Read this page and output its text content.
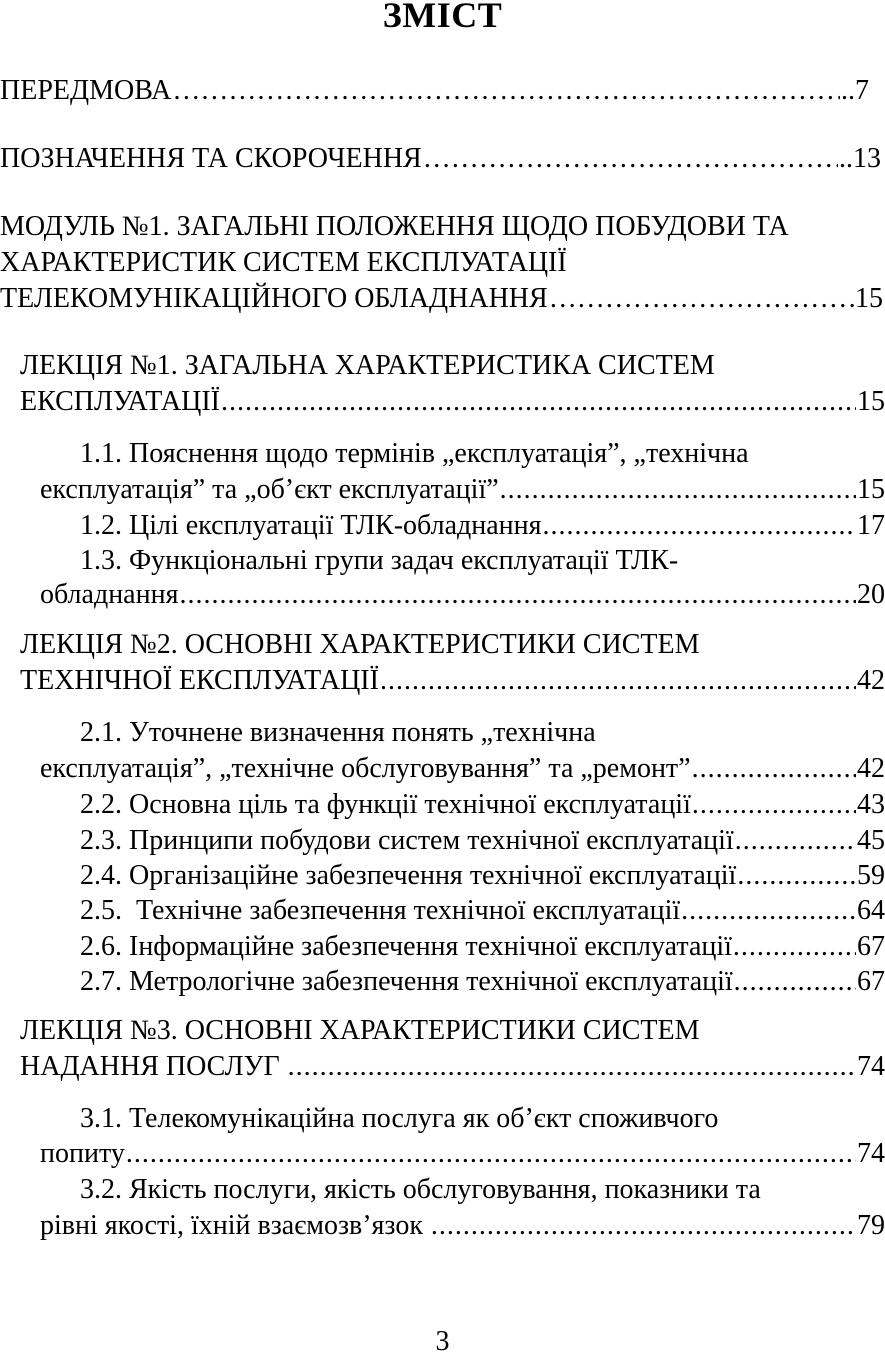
ЗМІСТ
ПЕРЕДМОВА …………………………………………………………………………………………………………………………………………………………………………………………………………………………………………	..7
ПОЗНАЧЕННЯ ТА СКОРОЧЕННЯ …………………………………………………………………………………………………………………………………………………………………………………………………………………………………………	..13
МОДУЛЬ №1. ЗАГАЛЬНІ ПОЛОЖЕННЯ ЩОДО ПОБУДОВИ ТА
ХАРАКТЕРИСТИК СИСТЕМ ЕКСПЛУАТАЦІЇ
ТЕЛЕКОМУНІКАЦІЙНОГО ОБЛАДНАННЯ …………………………………………………………………………………………………………………………………………………………………………………………………………………………………………	15
ЛЕКЦІЯ №1. ЗАГАЛЬНА ХАРАКТЕРИСТИКА СИСТЕМ
ЕКСПЛУАТАЦІЇ .....	15
1.1. Пояснення щодо термінів „експлуатація”, „технічна
експлуатація” та „об’єкт експлуатації” .....	15
1.2. Цілі експлуатації ТЛК-обладнання .....	17
1.3. Функціональні групи задач експлуатації ТЛК-
обладнання .....	20
ЛЕКЦІЯ №2. ОСНОВНІ ХАРАКТЕРИСТИКИ СИСТЕМ
ТЕХНІЧНОЇ ЕКСПЛУАТАЦІЇ .....	42
2.1. Уточнене визначення понять „технічна
експлуатація”, „технічне обслуговування” та „ремонт” .....	42
2.2. Основна ціль та функції технічної експлуатації .....	43
2.3. Принципи побудови систем технічної експлуатації .....	45
2.4. Організаційне забезпечення технічної експлуатації .....	59
2.5.  Технічне забезпечення технічної експлуатації .....	64
2.6. Інформаційне забезпечення технічної експлуатації .....	67
2.7. Метрологічне забезпечення технічної експлуатації .....	67
ЛЕКЦІЯ №3. ОСНОВНІ ХАРАКТЕРИСТИКИ СИСТЕМ
НАДАННЯ ПОСЛУГ .....	74
3.1. Телекомунікаційна послуга як об’єкт споживчого
попиту .....	74
3.2. Якість послуги, якість обслуговування, показники та
рівні якості, їхній взаємозв’язок .....	79
3
